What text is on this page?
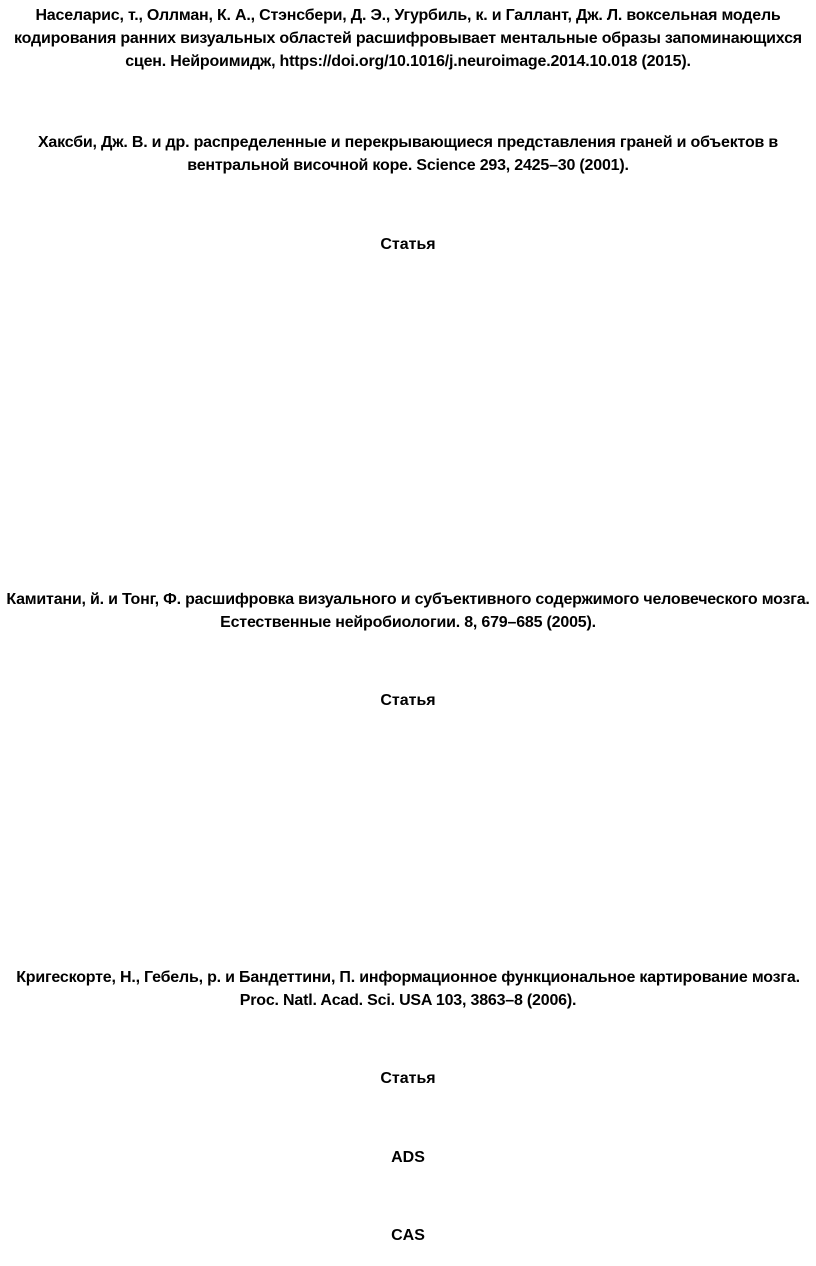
Населарис, т., Оллман, К. А., Стэнсбери, Д. Э., Угурбиль, к. и Галлант, Дж. Л. воксельная модель кодирования ранних визуальных областей расшифровывает ментальные образы запоминающихся сцен. Нейроимидж, https://doi.org/10.1016/j.neuroimage.2014.10.018 (2015).

Хаксби, Дж. В. и др. распределенные и перекрывающиеся представления граней и объектов в вентральной височной коре. Science 293, 2425–30 (2001).

Статья

Камитани, й. и Тонг, Ф. расшифровка визуального и субъективного содержимого человеческого мозга. Естественные нейробиологии. 8, 679–685 (2005).

Статья

Кригескорте, Н., Гебель, р. и Бандеттини, П. информационное функциональное картирование мозга. Proc. Natl. Acad. Sci. USA 103, 3863–8 (2006).

Статья
ADS
CAS
